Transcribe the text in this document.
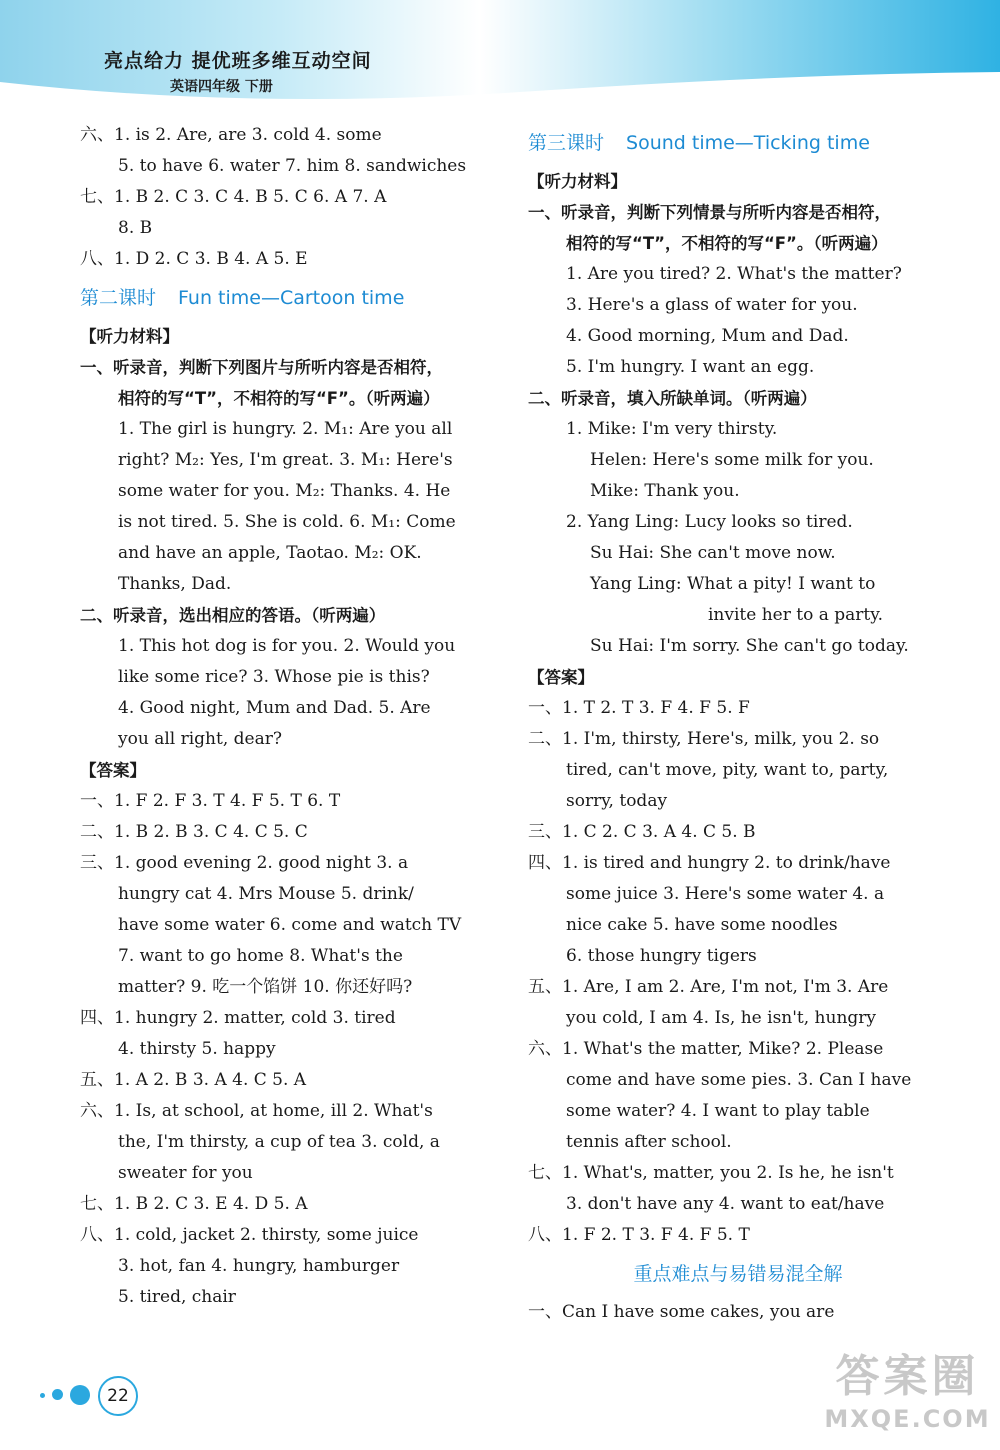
亮点给力 提优班多维互动空间
英语四年级 下册
六、1. is 2. Are, are 3. cold 4. some
5. to have 6. water 7. him 8. sandwiches
七、1. B 2. C 3. C 4. B 5. C 6. A 7. A
8. B
八、1. D 2. C 3. B 4. A 5. E
第二课时 Fun time—Cartoon time
【听力材料】
一、听录音，判断下列图片与所听内容是否相符，
相符的写“T”，不相符的写“F”。（听两遍）
1. The girl is hungry. 2. M₁: Are you all
right? M₂: Yes, I'm great. 3. M₁: Here's
some water for you. M₂: Thanks. 4. He
is not tired. 5. She is cold. 6. M₁: Come
and have an apple, Taotao. M₂: OK.
Thanks, Dad.
二、听录音，选出相应的答语。（听两遍）
1. This hot dog is for you. 2. Would you
like some rice? 3. Whose pie is this?
4. Good night, Mum and Dad. 5. Are
you all right, dear?
【答案】
一、1. F 2. F 3. T 4. F 5. T 6. T
二、1. B 2. B 3. C 4. C 5. C
三、1. good evening 2. good night 3. a
hungry cat 4. Mrs Mouse 5. drink/
have some water 6. come and watch TV
7. want to go home 8. What's the
matter? 9. 吃一个馅饼 10. 你还好吗?
四、1. hungry 2. matter, cold 3. tired
4. thirsty 5. happy
五、1. A 2. B 3. A 4. C 5. A
六、1. Is, at school, at home, ill 2. What's
the, I'm thirsty, a cup of tea 3. cold, a
sweater for you
七、1. B 2. C 3. E 4. D 5. A
八、1. cold, jacket 2. thirsty, some juice
3. hot, fan 4. hungry, hamburger
5. tired, chair
第三课时 Sound time—Ticking time
【听力材料】
一、听录音，判断下列情景与所听内容是否相符，
相符的写“T”，不相符的写“F”。（听两遍）
1. Are you tired? 2. What's the matter?
3. Here's a glass of water for you.
4. Good morning, Mum and Dad.
5. I'm hungry. I want an egg.
二、听录音，填入所缺单词。（听两遍）
1. Mike: I'm very thirsty.
Helen: Here's some milk for you.
Mike: Thank you.
2. Yang Ling: Lucy looks so tired.
Su Hai: She can't move now.
Yang Ling: What a pity! I want to
invite her to a party.
Su Hai: I'm sorry. She can't go today.
【答案】
一、1. T 2. T 3. F 4. F 5. F
二、1. I'm, thirsty, Here's, milk, you 2. so
tired, can't move, pity, want to, party,
sorry, today
三、1. C 2. C 3. A 4. C 5. B
四、1. is tired and hungry 2. to drink/have
some juice 3. Here's some water 4. a
nice cake 5. have some noodles
6. those hungry tigers
五、1. Are, I am 2. Are, I'm not, I'm 3. Are
you cold, I am 4. Is, he isn't, hungry
六、1. What's the matter, Mike? 2. Please
come and have some pies. 3. Can I have
some water? 4. I want to play table
tennis after school.
七、1. What's, matter, you 2. Is he, he isn't
3. don't have any 4. want to eat/have
八、1. F 2. T 3. F 4. F 5. T
重点难点与易错易混全解
一、Can I have some cakes, you are
22	答案圈
MXQE.COM
